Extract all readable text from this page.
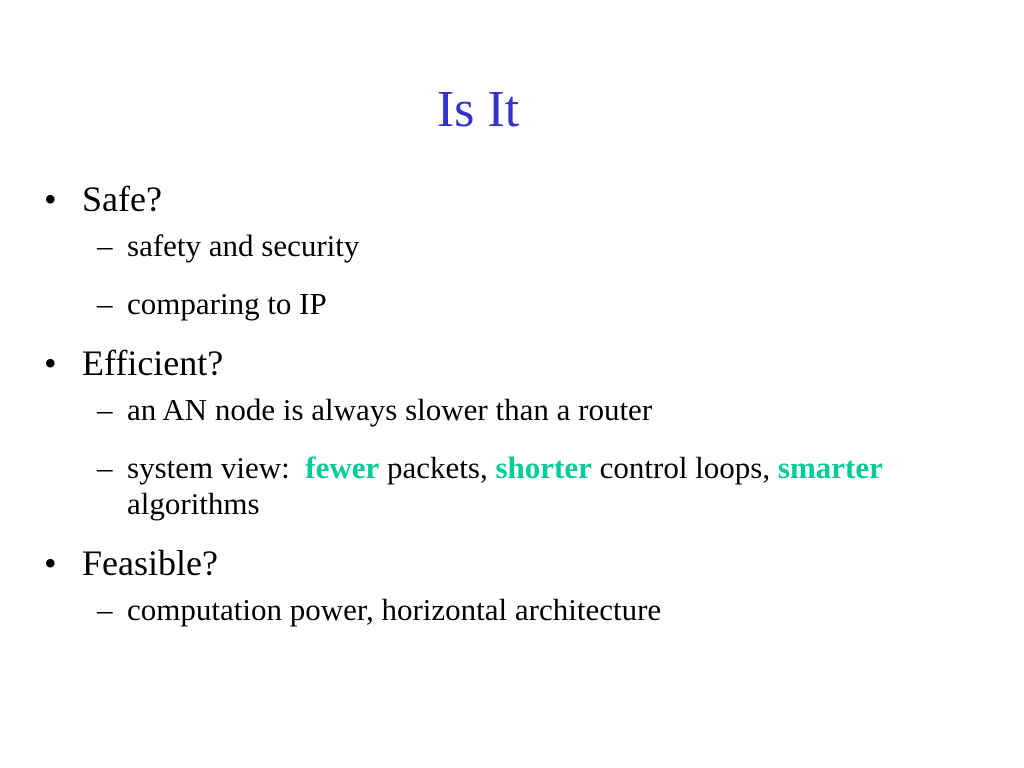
Is It
• Safe?
– safety and security
– comparing to IP
• Efficient?
– an AN node is always slower than a router
– system view:  fewer packets, shorter control loops, smarter algorithms
• Feasible?
– computation power, horizontal architecture
